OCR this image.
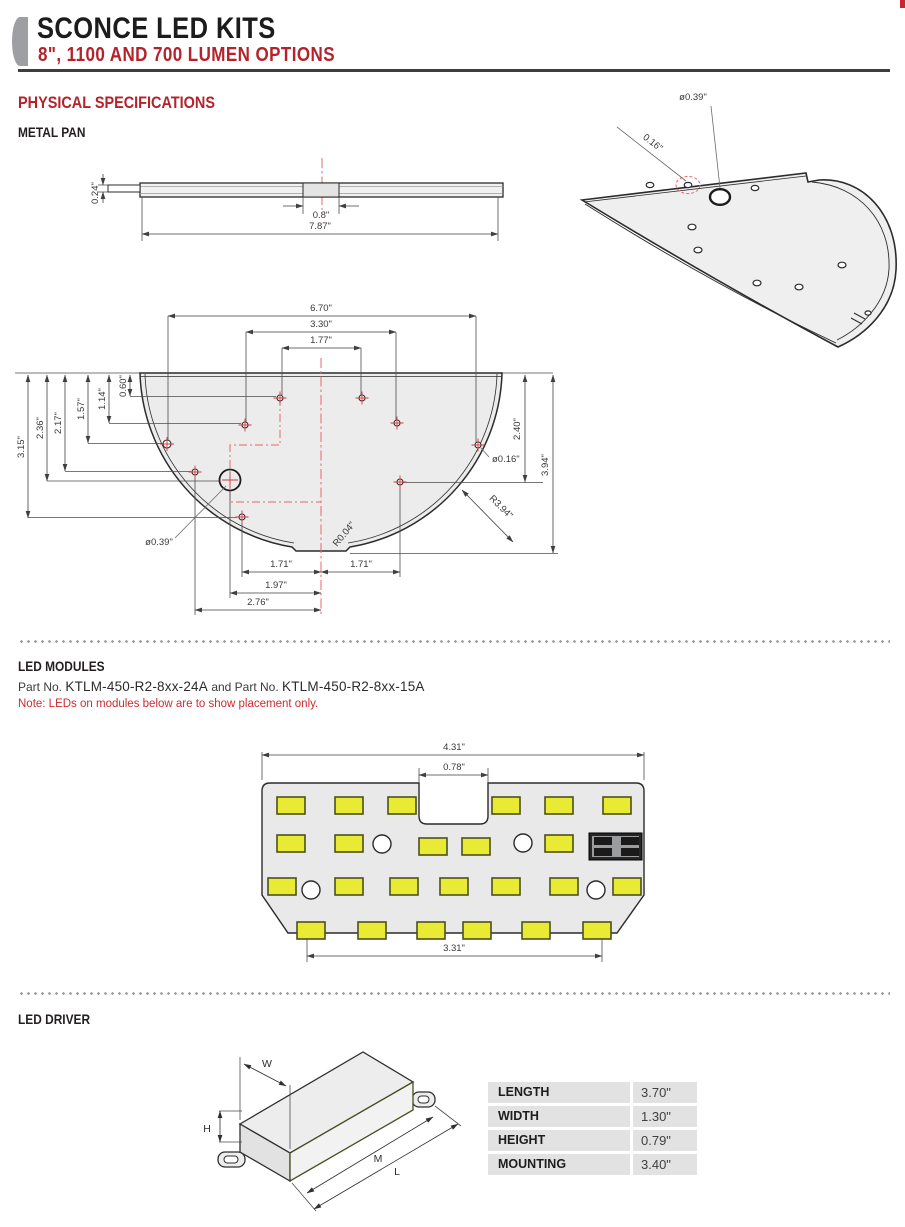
SCONCE LED KITS
8", 1100 AND 700 LUMEN OPTIONS
PHYSICAL SPECIFICATIONS
METAL PAN
0.24"
0.8"
7.87"
ø0.39"
0.16"
6.70"
3.30"
1.77"
3.15"
2.36" 2.17"
1.57" 1.14"
0.60"
2.40"
3.94"
1.71"	1.71"
1.97"
2.76"
ø0.16"
ø0.39"
R3.94"
R0.04"
LED MODULES
Part No. KTLM-450-R2-8xx-24A and Part No. KTLM-450-R2-8xx-15A
Note: LEDs on modules below are to show placement only.
4.31"
0.78"
3.31"
LED DRIVER
W
H
M
L
LENGTH	3.70"
WIDTH	1.30"
HEIGHT	0.79"
MOUNTING	3.40"
